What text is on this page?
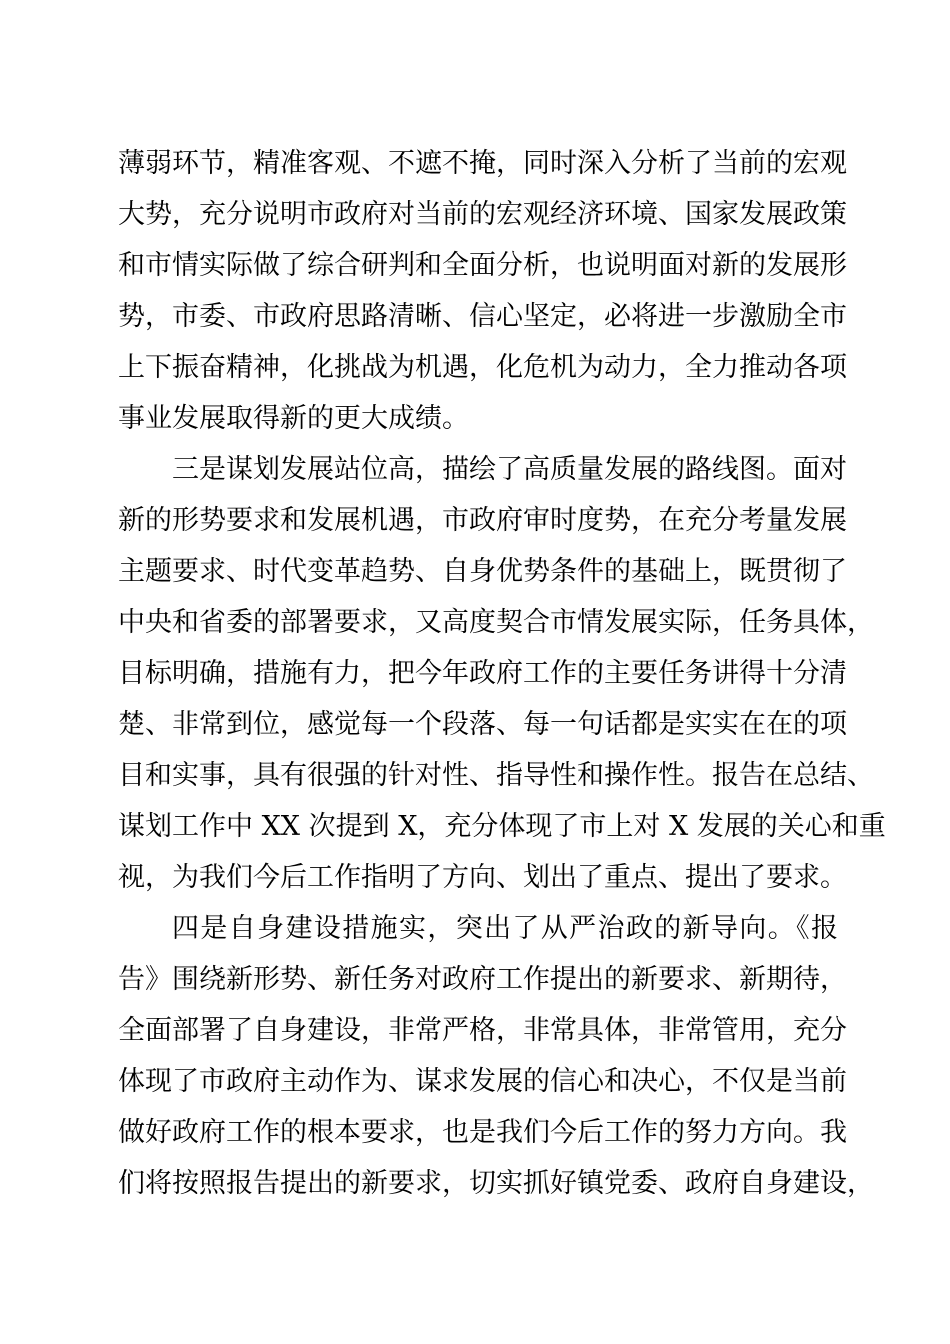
薄弱环节，精准客观、不遮不掩，同时深入分析了当前的宏观
大势，充分说明市政府对当前的宏观经济环境、国家发展政策
和市情实际做了综合研判和全面分析，也说明面对新的发展形
势，市委、市政府思路清晰、信心坚定，必将进一步激励全市
上下振奋精神，化挑战为机遇，化危机为动力，全力推动各项
事业发展取得新的更大成绩。
三是谋划发展站位高，描绘了高质量发展的路线图。面对
新的形势要求和发展机遇，市政府审时度势，在充分考量发展
主题要求、时代变革趋势、自身优势条件的基础上，既贯彻了
中央和省委的部署要求，又高度契合市情发展实际，任务具体，
目标明确，措施有力，把今年政府工作的主要任务讲得十分清
楚、非常到位，感觉每一个段落、每一句话都是实实在在的项
目和实事，具有很强的针对性、指导性和操作性。报告在总结、
谋划工作中 XX 次提到 X，充分体现了市上对 X 发展的关心和重
视，为我们今后工作指明了方向、划出了重点、提出了要求。
四是自身建设措施实，突出了从严治政的新导向。《报
告》围绕新形势、新任务对政府工作提出的新要求、新期待，
全面部署了自身建设，非常严格，非常具体，非常管用，充分
体现了市政府主动作为、谋求发展的信心和决心，不仅是当前
做好政府工作的根本要求，也是我们今后工作的努力方向。我
们将按照报告提出的新要求，切实抓好镇党委、政府自身建设，
